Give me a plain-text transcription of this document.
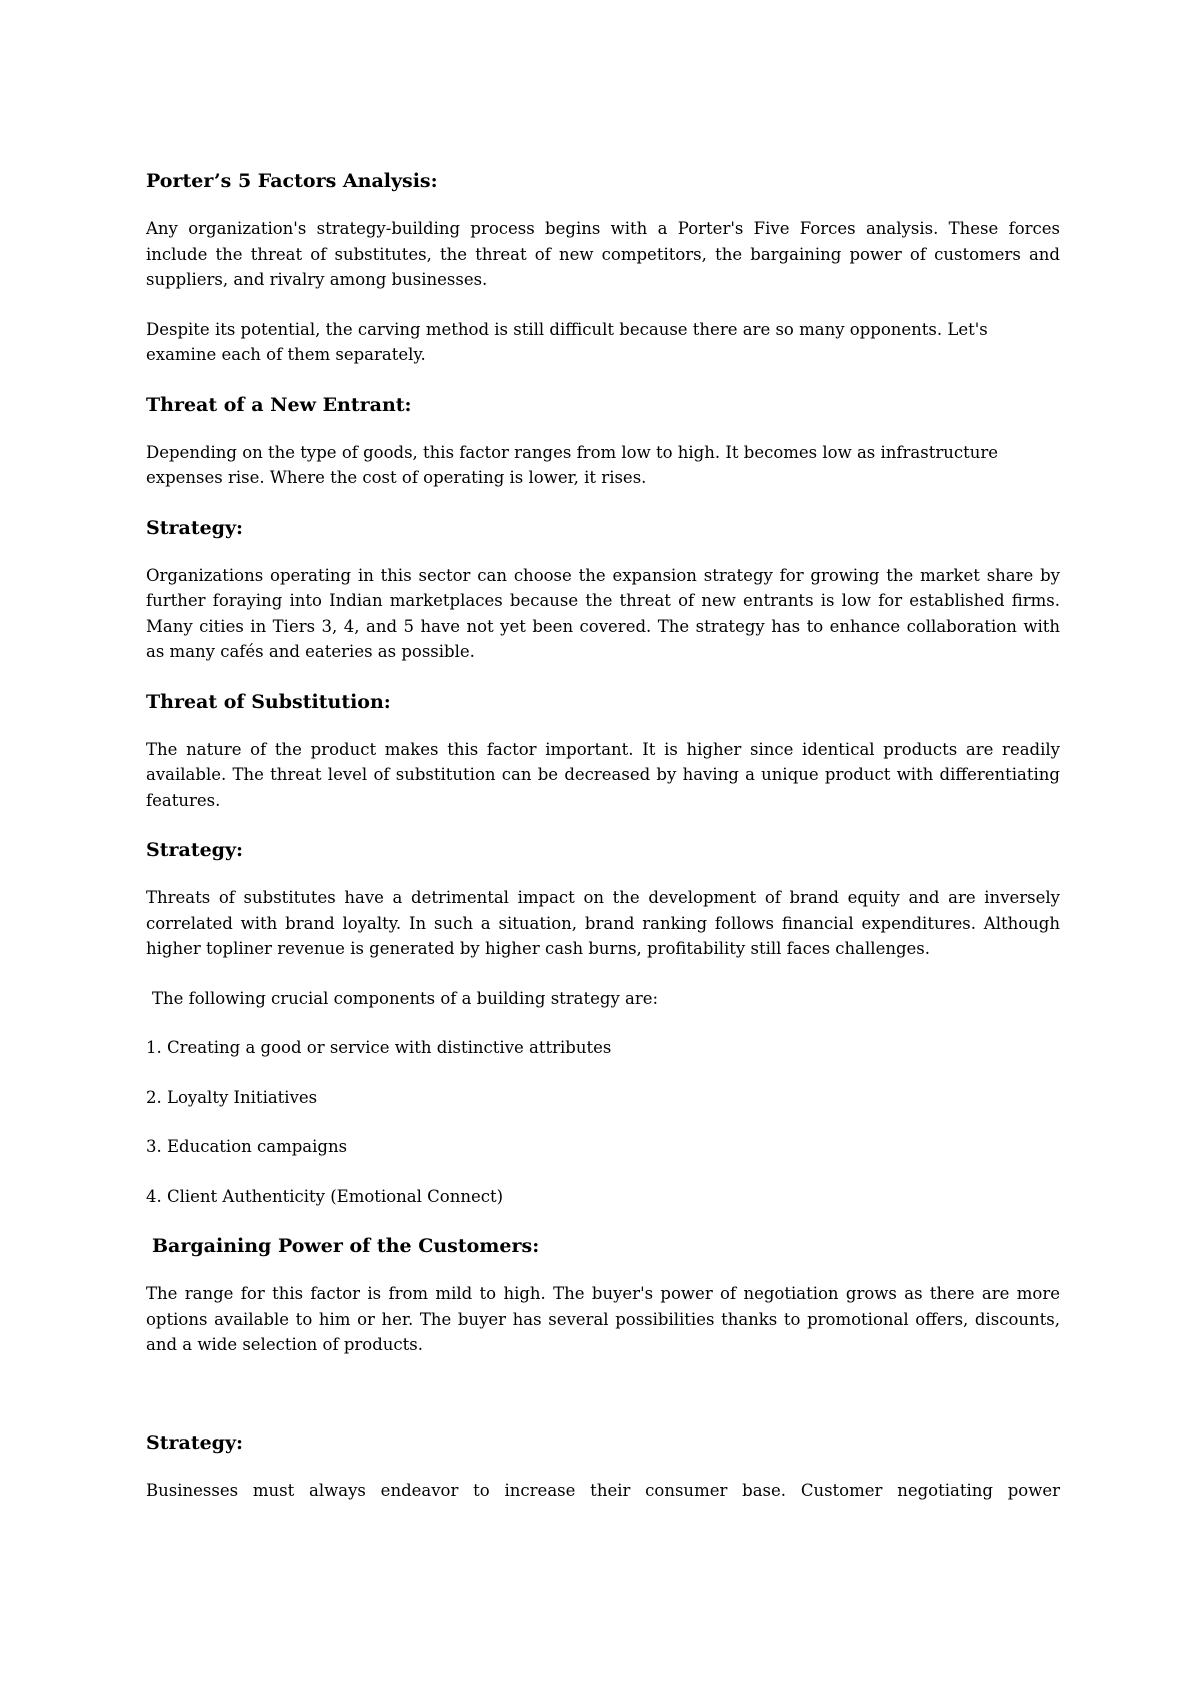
Porter’s 5 Factors Analysis:

Any organization's strategy-building process begins with a Porter's Five Forces analysis. These forces include the threat of substitutes, the threat of new competitors, the bargaining power of customers and suppliers, and rivalry among businesses.

Despite its potential, the carving method is still difficult because there are so many opponents. Let's examine each of them separately.

Threat of a New Entrant:

Depending on the type of goods, this factor ranges from low to high. It becomes low as infrastructure expenses rise. Where the cost of operating is lower, it rises.

Strategy:

Organizations operating in this sector can choose the expansion strategy for growing the market share by further foraying into Indian marketplaces because the threat of new entrants is low for established firms. Many cities in Tiers 3, 4, and 5 have not yet been covered. The strategy has to enhance collaboration with as many cafés and eateries as possible.

Threat of Substitution:

The nature of the product makes this factor important. It is higher since identical products are readily available. The threat level of substitution can be decreased by having a unique product with differentiating features.

Strategy:

Threats of substitutes have a detrimental impact on the development of brand equity and are inversely correlated with brand loyalty. In such a situation, brand ranking follows financial expenditures. Although higher topliner revenue is generated by higher cash burns, profitability still faces challenges.

The following crucial components of a building strategy are:

1. Creating a good or service with distinctive attributes
2. Loyalty Initiatives
3. Education campaigns
4. Client Authenticity (Emotional Connect)
Bargaining Power of the Customers:

The range for this factor is from mild to high. The buyer's power of negotiation grows as there are more options available to him or her. The buyer has several possibilities thanks to promotional offers, discounts, and a wide selection of products.

Strategy:

Businesses must always endeavor to increase their consumer base. Customer negotiating power
